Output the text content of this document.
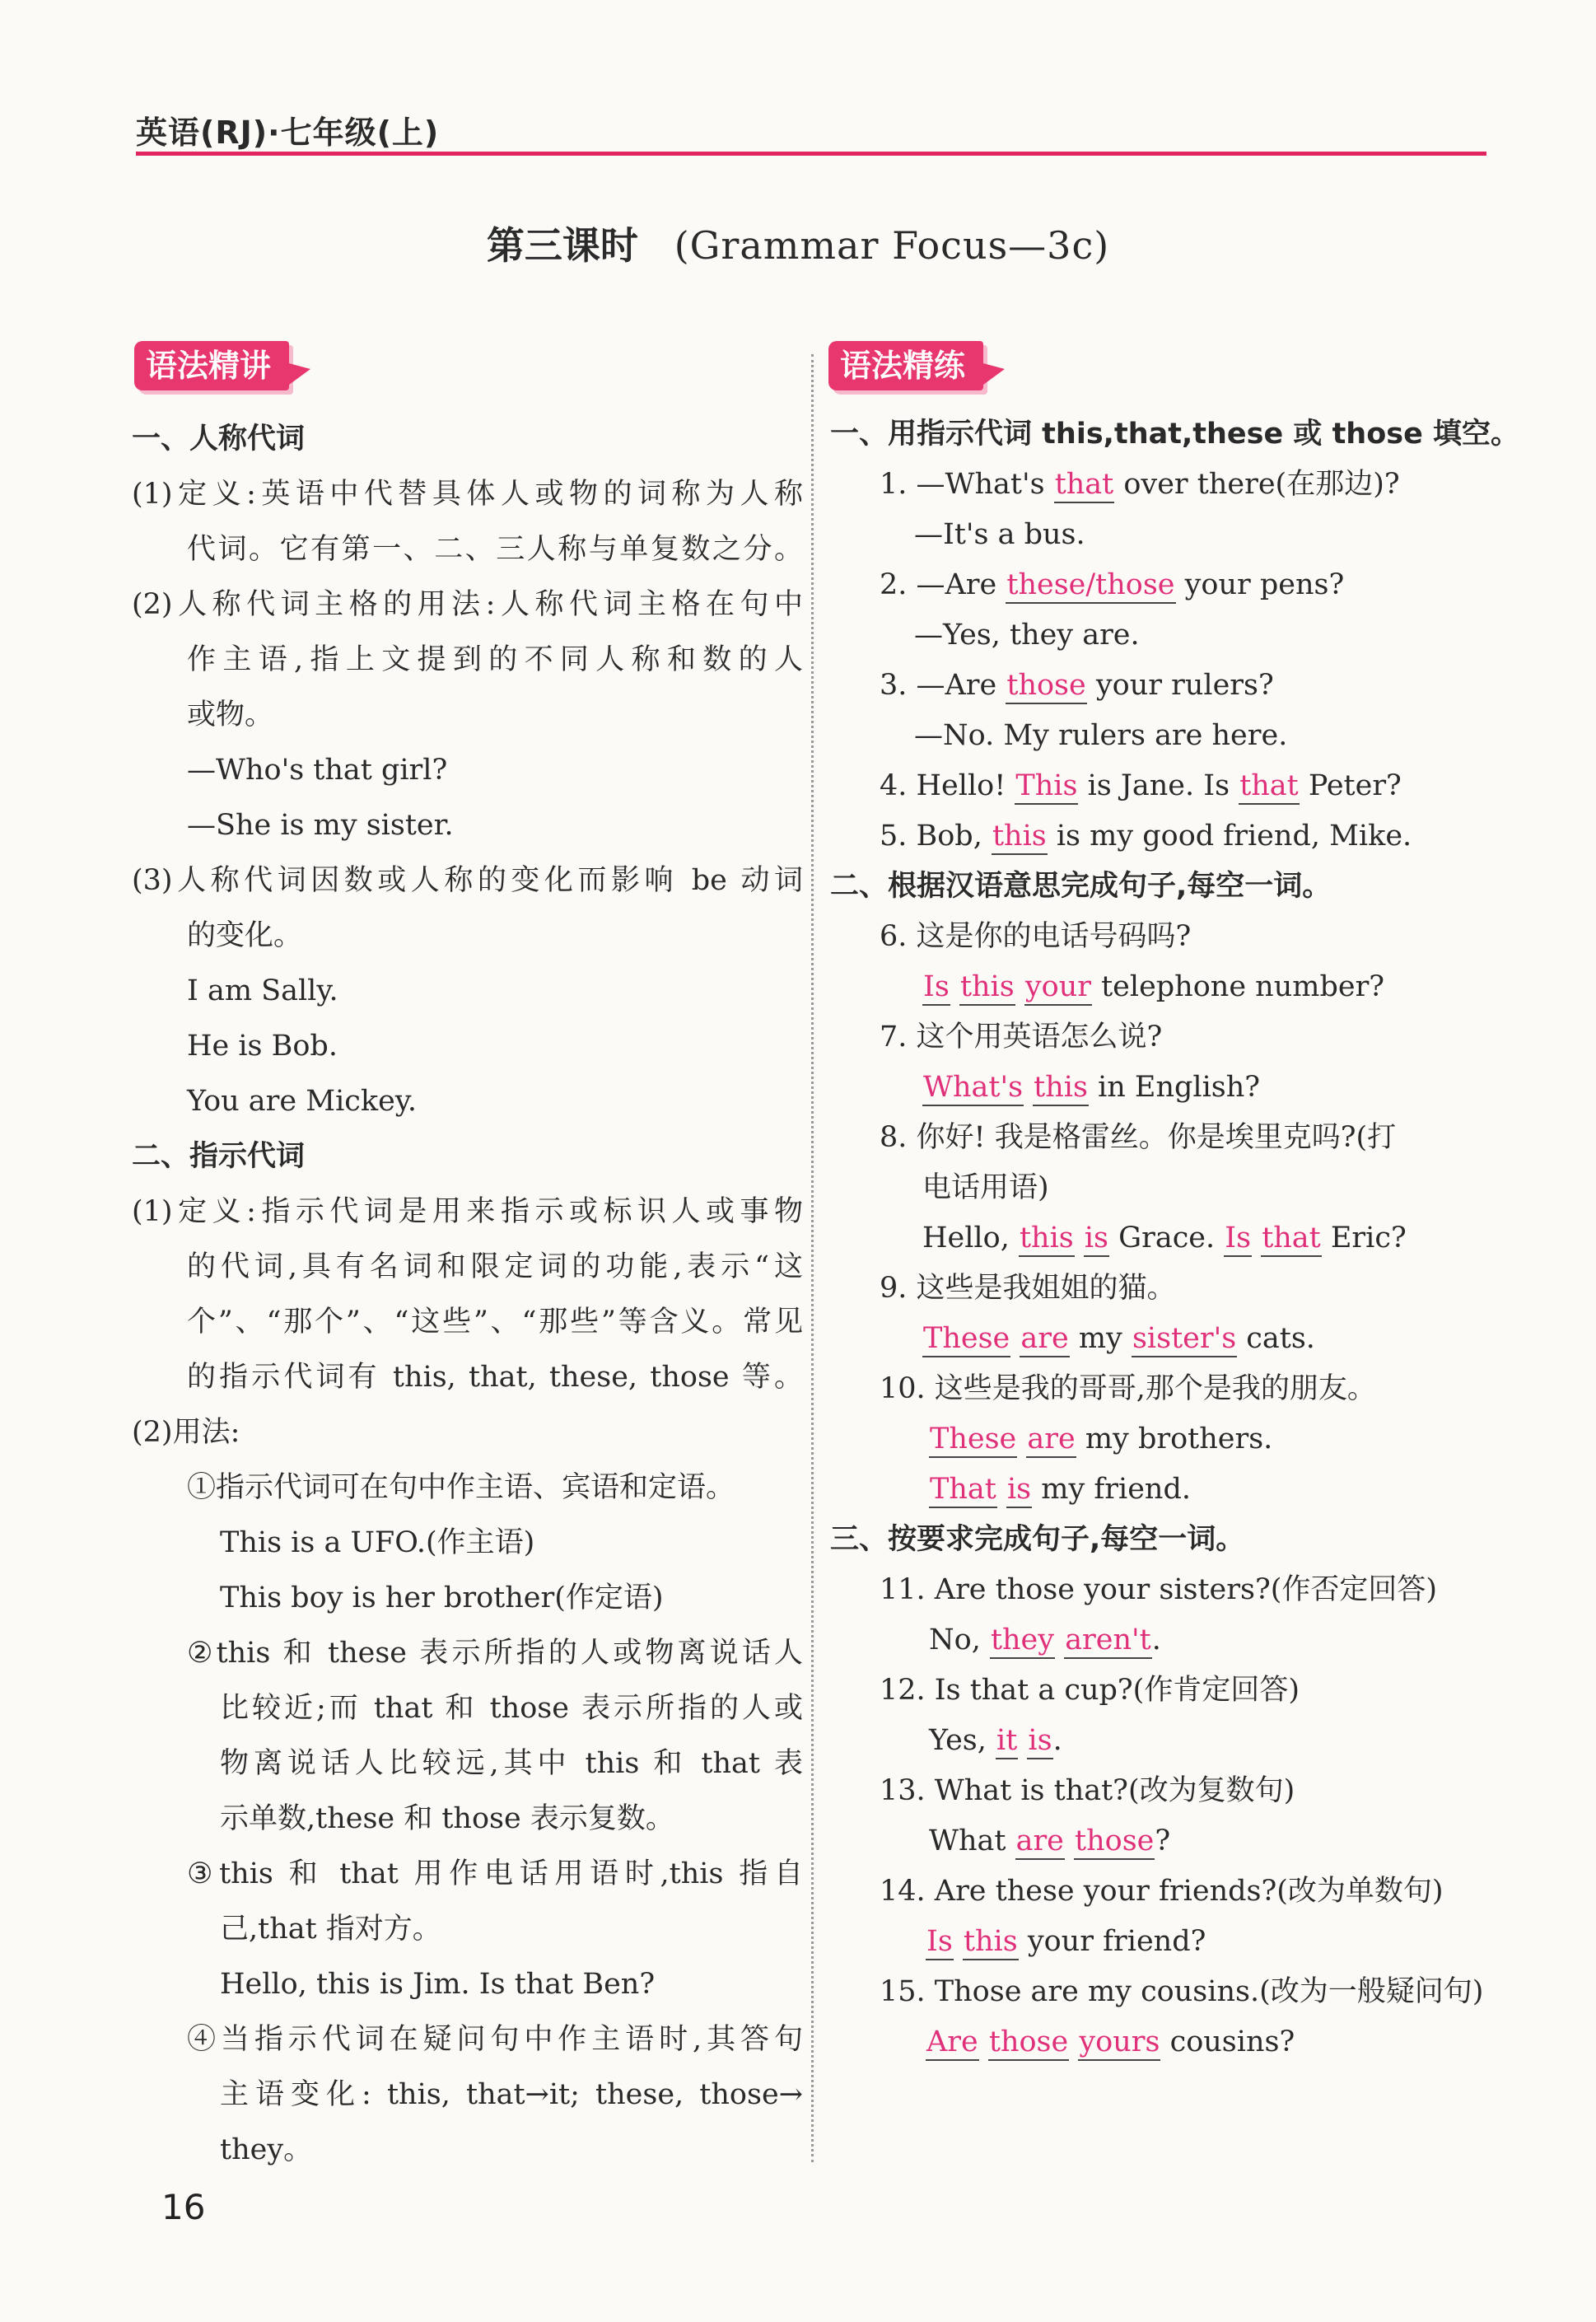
英语(RJ)·七年级(上)
第三课时 (Grammar Focus—3c)
语法精讲	语法精练
一、人称代词
(1)定义:英语中代替具体人或物的词称为人称
代词。它有第一、二、三人称与单复数之分。
(2)人称代词主格的用法:人称代词主格在句中
作主语,指上文提到的不同人称和数的人
或物。
—Who's that girl?
—She is my sister.
(3)人称代词因数或人称的变化而影响 be 动词
的变化。
I am Sally.
He is Bob.
You are Mickey.
二、指示代词
(1)定义:指示代词是用来指示或标识人或事物
的代词,具有名词和限定词的功能,表示“这
个”、“那个”、“这些”、“那些”等含义。常见
的指示代词有 this, that, these, those 等。
(2)用法:
①指示代词可在句中作主语、宾语和定语。
This is a UFO.(作主语)
This boy is her brother(作定语)
②this 和 these 表示所指的人或物离说话人
比较近;而 that 和 those 表示所指的人或
物离说话人比较远,其中 this 和 that 表
示单数,these 和 those 表示复数。
③this 和 that 用作电话用语时,this 指自
己,that 指对方。
Hello, this is Jim. Is that Ben?
④当指示代词在疑问句中作主语时,其答句
主语变化: this, that→it; these, those→
they。
一、用指示代词 this,that,these 或 those 填空。
1. —What's that over there(在那边)?
—It's a bus.
2. —Are these/those your pens?
—Yes, they are.
3. —Are those your rulers?
—No. My rulers are here.
4. Hello! This is Jane. Is that Peter?
5. Bob, this is my good friend, Mike.
二、根据汉语意思完成句子,每空一词。
6. 这是你的电话号码吗?
Is this your telephone number?
7. 这个用英语怎么说?
What's this in English?
8. 你好! 我是格雷丝。你是埃里克吗?(打
电话用语)
Hello, this is Grace. Is that Eric?
9. 这些是我姐姐的猫。
These are my sister's cats.
10. 这些是我的哥哥,那个是我的朋友。
These are my brothers.
That is my friend.
三、按要求完成句子,每空一词。
11. Are those your sisters?(作否定回答)
No, they aren't.
12. Is that a cup?(作肯定回答)
Yes, it is.
13. What is that?(改为复数句)
What are those?
14. Are these your friends?(改为单数句)
Is this your friend?
15. Those are my cousins.(改为一般疑问句)
Are those yours cousins?
16
